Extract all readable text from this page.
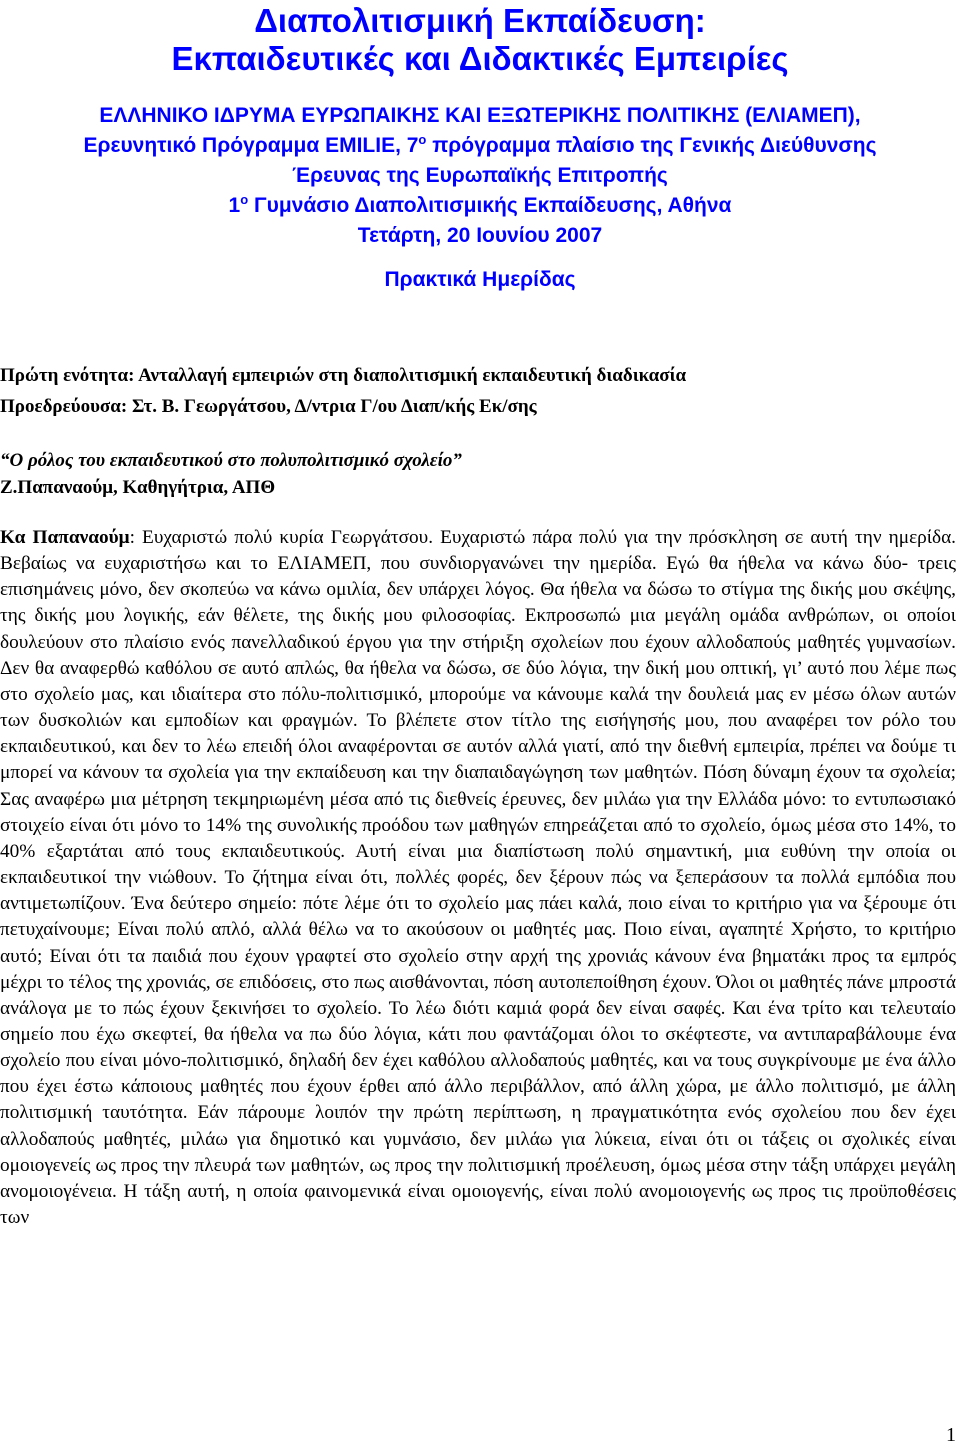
Διαπολιτισμική Εκπαίδευση:
Εκπαιδευτικές και Διδακτικές Εμπειρίες
ΕΛΛΗΝΙΚΟ ΙΔΡΥΜΑ ΕΥΡΩΠΑΙΚΗΣ ΚΑΙ ΕΞΩΤΕΡΙΚΗΣ ΠΟΛΙΤΙΚΗΣ (ΕΛΙΑΜΕΠ),
Ερευνητικό Πρόγραμμα EMILIE, $7^o$ πρόγραμμα πλαίσιο της Γενικής Διεύθυνσης
Έρευνας της Ευρωπαϊκής Επιτροπής
$1^o$ Γυμνάσιο Διαπολιτισμικής Εκπαίδευσης, Αθήνα
Τετάρτη, 20 Ιουνίου 2007
Πρακτικά Ημερίδας
Πρώτη ενότητα: Ανταλλαγή εμπειριών στη διαπολιτισμική εκπαιδευτική διαδικασία
Προεδρεύουσα: Στ. Β. Γεωργάτσου, Δ/ντρια Γ/ου Διαπ/κής Εκ/σης
“Ο ρόλος του εκπαιδευτικού στο πολυπολιτισμικό σχολείο”
Ζ.Παπαναούμ, Καθηγήτρια, ΑΠΘ

Κα Παπαναούμ: Ευχαριστώ πολύ κυρία Γεωργάτσου. Ευχαριστώ πάρα πολύ για την πρόσκληση σε αυτή την ημερίδα. Βεβαίως να ευχαριστήσω και το ΕΛΙΑΜΕΠ, που συνδιοργανώνει την ημερίδα. Εγώ θα ήθελα να κάνω δύο- τρεις επισημάνεις μόνο, δεν σκοπεύω να κάνω ομιλία, δεν υπάρχει λόγος. Θα ήθελα να δώσω το στίγμα της δικής μου σκέψης, της δικής μου λογικής, εάν θέλετε, της δικής μου φιλοσοφίας. Εκπροσωπώ μια μεγάλη ομάδα ανθρώπων, οι οποίοι δουλεύουν στο πλαίσιο ενός πανελλαδικού έργου για την στήριξη σχολείων που έχουν αλλοδαπούς μαθητές γυμνασίων. Δεν θα αναφερθώ καθόλου σε αυτό απλώς, θα ήθελα να δώσω, σε δύο λόγια, την δική μου οπτική, γι’ αυτό που λέμε πως στο σχολείο μας, και ιδιαίτερα στο πόλυ-πολιτισμικό, μπορούμε να κάνουμε καλά την δουλειά μας εν μέσω όλων αυτών των δυσκολιών και εμποδίων και φραγμών. Το βλέπετε στον τίτλο της εισήγησής μου, που αναφέρει τον ρόλο του εκπαιδευτικού, και δεν το λέω επειδή όλοι αναφέρονται σε αυτόν αλλά γιατί, από την διεθνή εμπειρία, πρέπει να δούμε τι μπορεί να κάνουν τα σχολεία για την εκπαίδευση και την διαπαιδαγώγηση των μαθητών. Πόση δύναμη έχουν τα σχολεία; Σας αναφέρω μια μέτρηση τεκμηριωμένη μέσα από τις διεθνείς έρευνες, δεν μιλάω για την Ελλάδα μόνο: το εντυπωσιακό στοιχείο είναι ότι μόνο το 14% της συνολικής προόδου των μαθηγών επηρεάζεται από το σχολείο, όμως μέσα στο 14%, το 40% εξαρτάται από τους εκπαιδευτικούς. Αυτή είναι μια διαπίστωση πολύ σημαντική, μια ευθύνη την οποία οι εκπαιδευτικοί την νιώθουν. Το ζήτημα είναι ότι, πολλές φορές, δεν ξέρουν πώς να ξεπεράσουν τα πολλά εμπόδια που αντιμετωπίζουν. Ένα δεύτερο σημείο: πότε λέμε ότι το σχολείο μας πάει καλά, ποιο είναι το κριτήριο για να ξέρουμε ότι πετυχαίνουμε; Είναι πολύ απλό, αλλά θέλω να το ακούσουν οι μαθητές μας. Ποιο είναι, αγαπητέ Χρήστο, το κριτήριο αυτό; Είναι ότι τα παιδιά που έχουν γραφτεί στο σχολείο στην αρχή της χρονιάς κάνουν ένα βηματάκι προς τα εμπρός μέχρι το τέλος της χρονιάς, σε επιδόσεις, στο πως αισθάνονται, πόση αυτοπεποίθηση έχουν. Όλοι οι μαθητές πάνε μπροστά ανάλογα με το πώς έχουν ξεκινήσει το σχολείο. Το λέω διότι καμιά φορά δεν είναι σαφές. Και ένα τρίτο και τελευταίο σημείο που έχω σκεφτεί, θα ήθελα να πω δύο λόγια, κάτι που φαντάζομαι όλοι το σκέφτεστε, να αντιπαραβάλουμε ένα σχολείο που είναι μόνο-πολιτισμικό, δηλαδή δεν έχει καθόλου αλλοδαπούς μαθητές, και να τους συγκρίνουμε με ένα άλλο που έχει έστω κάποιους μαθητές που έχουν έρθει από άλλο περιβάλλον, από άλλη χώρα, με άλλο πολιτισμό, με άλλη πολιτισμική ταυτότητα. Εάν πάρουμε λοιπόν την πρώτη περίπτωση, η πραγματικότητα ενός σχολείου που δεν έχει αλλοδαπούς μαθητές, μιλάω για δημοτικό και γυμνάσιο, δεν μιλάω για λύκεια, είναι ότι οι τάξεις οι σχολικές είναι ομοιογενείς ως προς την πλευρά των μαθητών, ως προς την πολιτισμική προέλευση, όμως μέσα στην τάξη υπάρχει μεγάλη ανομοιογένεια. Η τάξη αυτή, η οποία φαινομενικά είναι ομοιογενής, είναι πολύ ανομοιογενής ως προς τις προϋποθέσεις των

1
